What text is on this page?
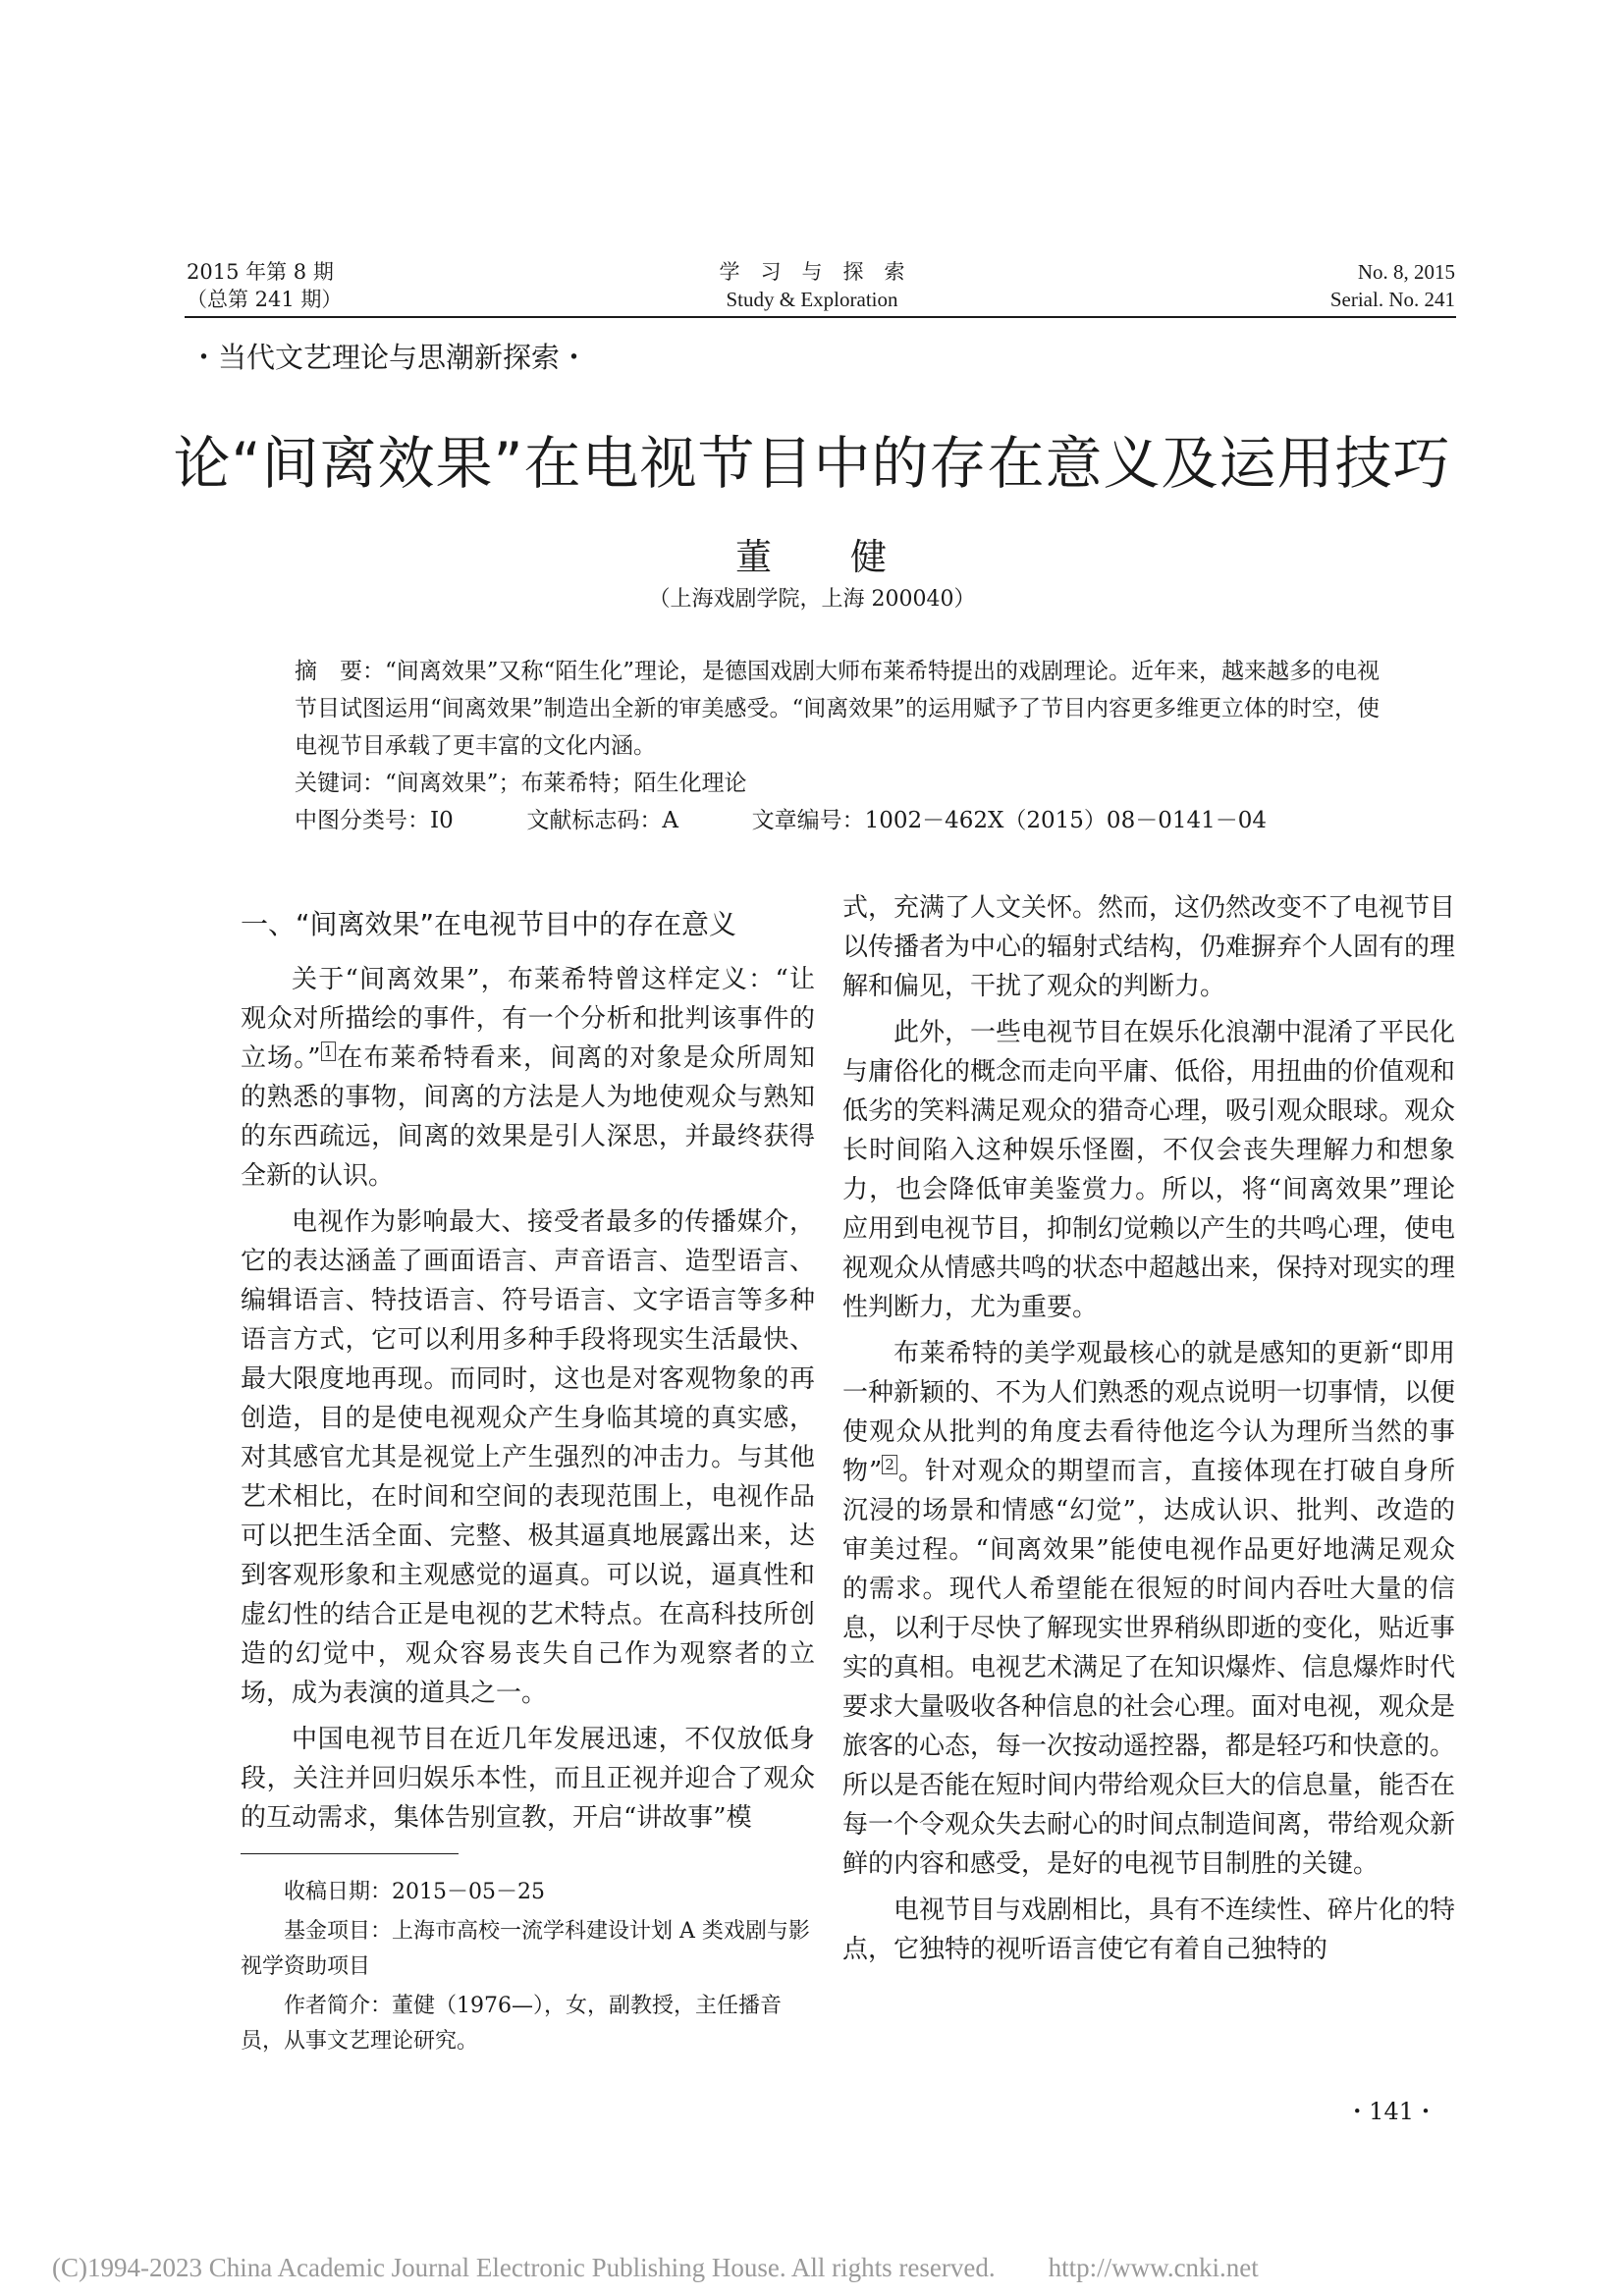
2015 年第 8 期
（总第 241 期）
学　习　与　探　索
Study & Exploration
No. 8, 2015
Serial. No. 241
・当代文艺理论与思潮新探索・
论“间离效果”在电视节目中的存在意义及运用技巧
董　　健
（上海戏剧学院，上海 200040）

摘　要：“间离效果”又称“陌生化”理论，是德国戏剧大师布莱希特提出的戏剧理论。近年来，越来越多的电视节目试图运用“间离效果”制造出全新的审美感受。“间离效果”的运用赋予了节目内容更多维更立体的时空，使电视节目承载了更丰富的文化内涵。

关键词：“间离效果”；布莱希特；陌生化理论

中图分类号：I0	文献标志码：A	文章编号：1002－462X（2015）08－0141－04

一、“间离效果”在电视节目中的存在意义

关于“间离效果”，布莱希特曾这样定义：“让观众对所描绘的事件，有一个分析和批判该事件的立场。” $^1$ 在布莱希特看来，间离的对象是众所周知的熟悉的事物，间离的方法是人为地使观众与熟知的东西疏远，间离的效果是引人深思，并最终获得全新的认识。

电视作为影响最大、接受者最多的传播媒介，它的表达涵盖了画面语言、声音语言、造型语言、编辑语言、特技语言、符号语言、文字语言等多种语言方式，它可以利用多种手段将现实生活最快、最大限度地再现。而同时，这也是对客观物象的再创造，目的是使电视观众产生身临其境的真实感，对其感官尤其是视觉上产生强烈的冲击力。与其他艺术相比，在时间和空间的表现范围上，电视作品可以把生活全面、完整、极其逼真地展露出来，达到客观形象和主观感觉的逼真。可以说，逼真性和虚幻性的结合正是电视的艺术特点。在高科技所创造的幻觉中，观众容易丧失自己作为观察者的立场，成为表演的道具之一。

中国电视节目在近几年发展迅速，不仅放低身段，关注并回归娱乐本性，而且正视并迎合了观众的互动需求，集体告别宣教，开启“讲故事”模

收稿日期：2015－05－25

基金项目：上海市高校一流学科建设计划 A 类戏剧与影视学资助项目

作者简介：董健（1976—），女，副教授，主任播音员，从事文艺理论研究。

式，充满了人文关怀。然而，这仍然改变不了电视节目以传播者为中心的辐射式结构，仍难摒弃个人固有的理解和偏见，干扰了观众的判断力。

此外，一些电视节目在娱乐化浪潮中混淆了平民化与庸俗化的概念而走向平庸、低俗，用扭曲的价值观和低劣的笑料满足观众的猎奇心理，吸引观众眼球。观众长时间陷入这种娱乐怪圈，不仅会丧失理解力和想象力，也会降低审美鉴赏力。所以，将“间离效果”理论应用到电视节目，抑制幻觉赖以产生的共鸣心理，使电视观众从情感共鸣的状态中超越出来，保持对现实的理性判断力，尤为重要。

布莱希特的美学观最核心的就是感知的更新“即用一种新颖的、不为人们熟悉的观点说明一切事情，以便使观众从批判的角度去看待他迄今认为理所当然的事物” $^2$ 。针对观众的期望而言，直接体现在打破自身所沉浸的场景和情感“幻觉”，达成认识、批判、改造的审美过程。“间离效果”能使电视作品更好地满足观众的需求。现代人希望能在很短的时间内吞吐大量的信息，以利于尽快了解现实世界稍纵即逝的变化，贴近事实的真相。电视艺术满足了在知识爆炸、信息爆炸时代要求大量吸收各种信息的社会心理。面对电视，观众是旅客的心态，每一次按动遥控器，都是轻巧和快意的。所以是否能在短时间内带给观众巨大的信息量，能否在每一个令观众失去耐心的时间点制造间离，带给观众新鲜的内容和感受，是好的电视节目制胜的关键。

电视节目与戏剧相比，具有不连续性、碎片化的特点，它独特的视听语言使它有着自己独特的

・141・
(C)1994-2023 China Academic Journal Electronic Publishing House. All rights reserved.　　http://www.cnki.net
